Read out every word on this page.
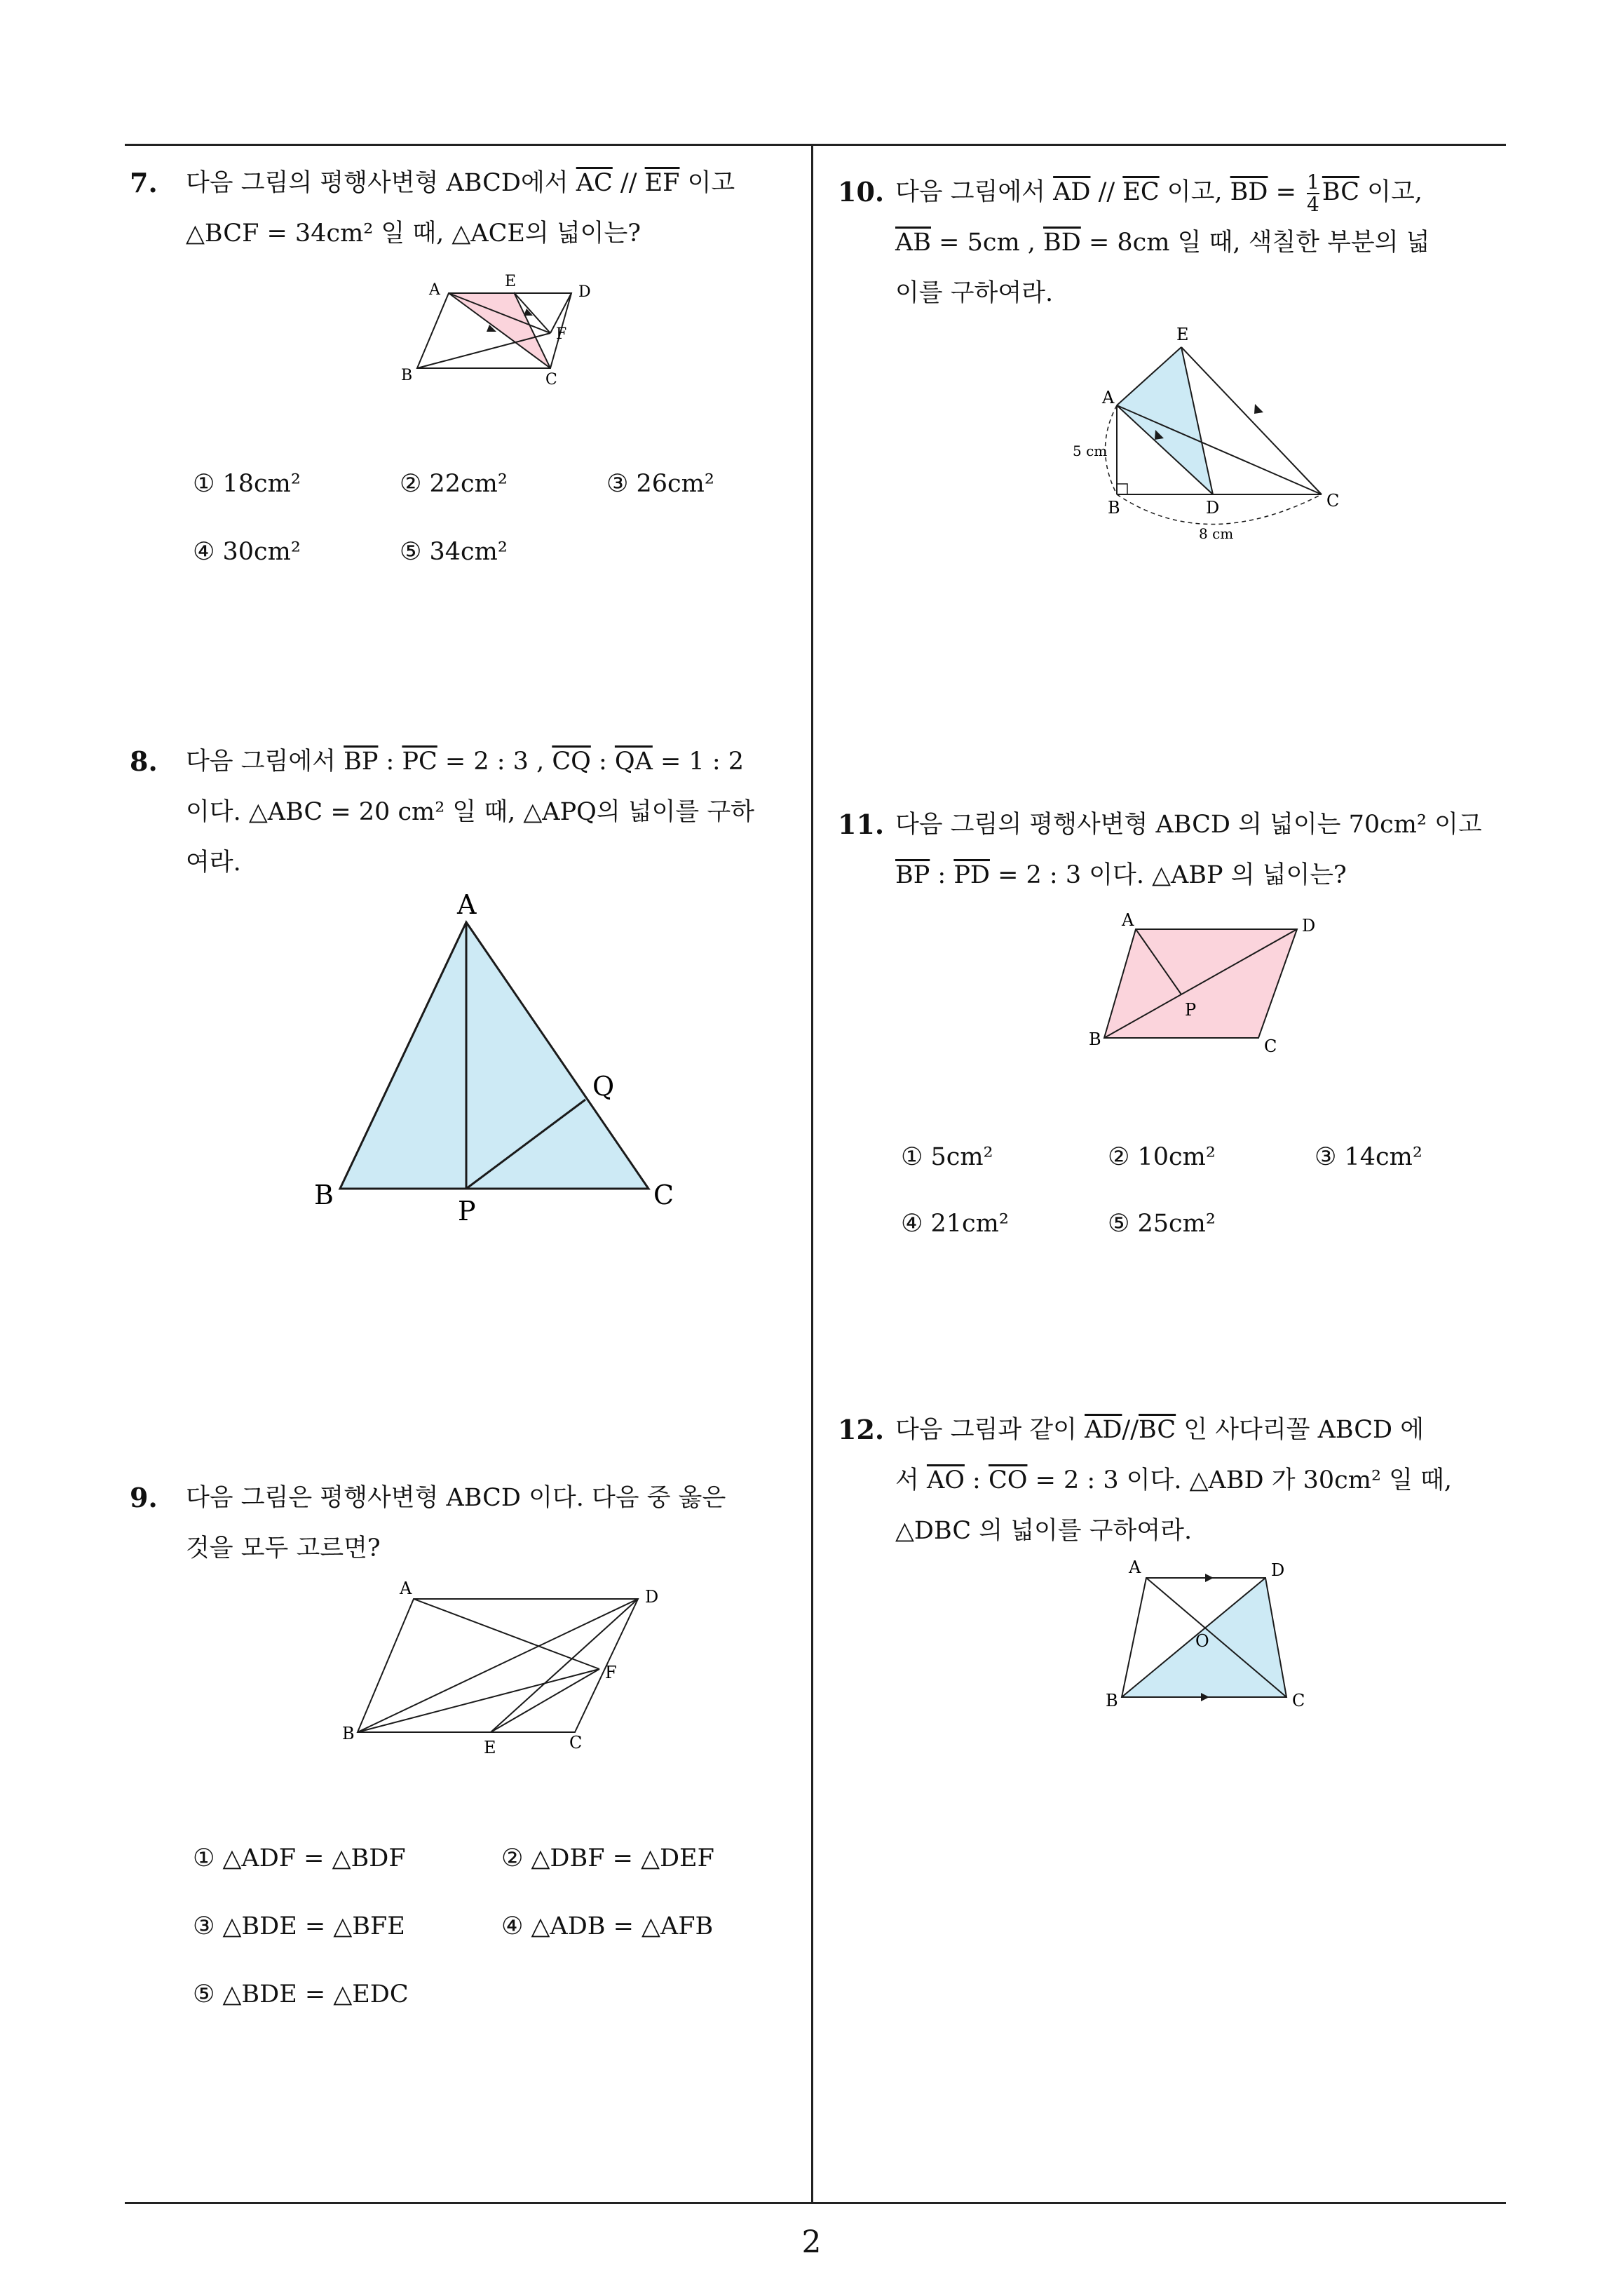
7. 다음 그림의 평행사변형 ABCD에서 $\overline{AC} // \overline{EF}$ 이고
△BCF = 34cm² 일 때, △ACE의 넓이는?
A	E
D
F
B	C
① 18cm²	② 22cm²	③ 26cm²
④ 30cm²	⑤ 34cm²
8. 다음 그림에서 $\overline{BP}$ : $\overline{PC} = 2$ : 3 , $\overline{CQ}$ : $\overline{QA} = 1$ : 2
이다. △ABC = 20 cm² 일 때, △APQ의 넓이를 구하
여라.
A
B	C
P
Q
9. 다음 그림은 평행사변형 ABCD 이다. 다음 중 옳은
것을 모두 고르면?
A	D
F
B
E	C
① △ADF = △BDF	② △DBF = △DEF
③ △BDE = △BFE	④ △ADB = △AFB
⑤ △BDE = △EDC
10. 다음 그림에서 $\overline{AD} // \overline{EC}$ 이고, $\overline{BD} = \frac{1}{4} \overline{BC}$ 이고,
$\overline{AB} = 5cm$ , $\overline{BD} = 8cm$ 일 때, 색칠한 부분의 넓
이를 구하여라.
E
A
B	D	C
5 cm
8 cm
11. 다음 그림의 평행사변형 ABCD 의 넓이는 70cm² 이고
$\overline{BP}$ : $\overline{PD} = 2$ : 3 이다. △ABP 의 넓이는?
A	D
P
B	C
① 5cm²	② 10cm²	③ 14cm²
④ 21cm²	⑤ 25cm²
12. 다음 그림과 같이 $\overline{AD}//\overline{BC}$ 인 사다리꼴 ABCD 에
서 $\overline{AO}$ : $\overline{CO} = 2$ : 3 이다. △ABD 가 30cm² 일 때,
△DBC 의 넓이를 구하여라.
A	D
O
B	C
2
